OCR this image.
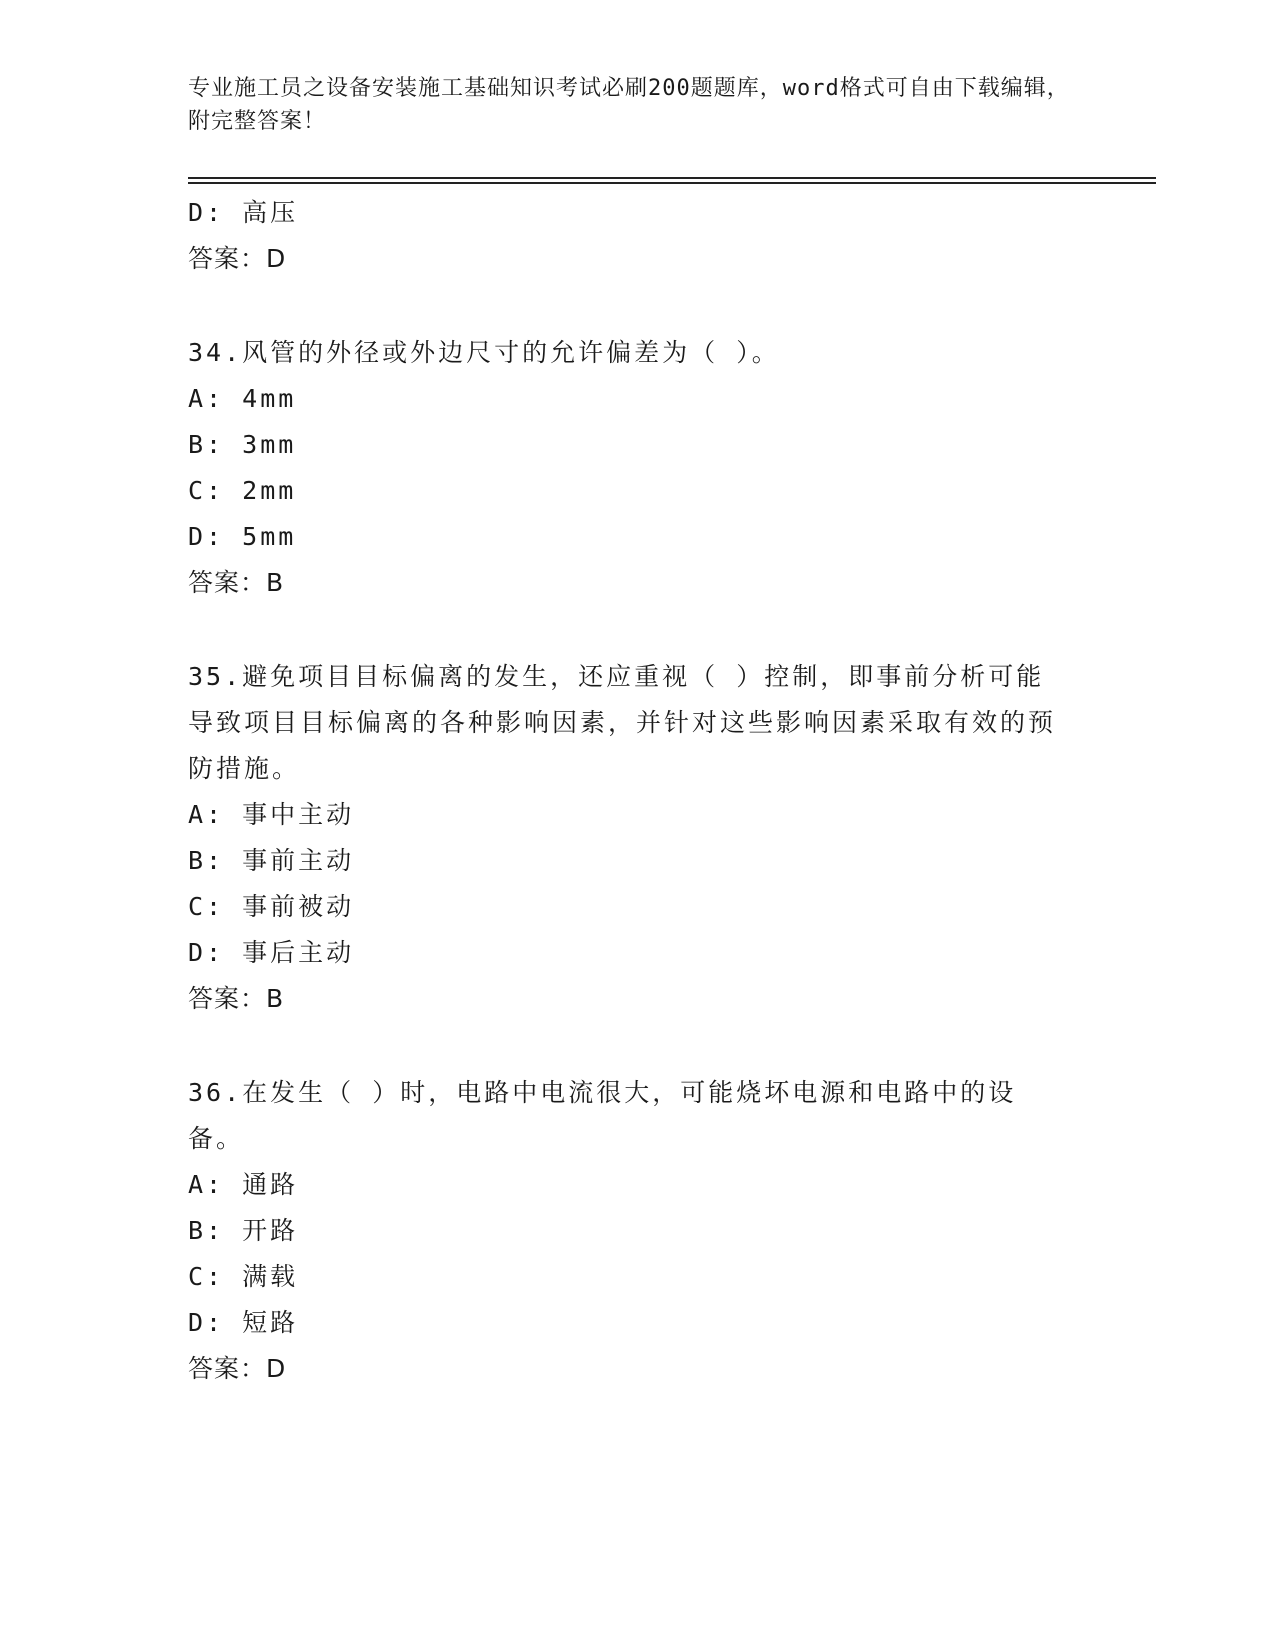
专业施工员之设备安装施工基础知识考试必刷200题题库，word格式可自由下载编辑，附完整答案！
D: 高压
答案：D
34.风管的外径或外边尺寸的允许偏差为（ ）。
A: 4mm
B: 3mm
C: 2mm
D: 5mm
答案：B
35.避免项目目标偏离的发生，还应重视（ ）控制，即事前分析可能导致项目目标偏离的各种影响因素，并针对这些影响因素采取有效的预防措施。
A: 事中主动
B: 事前主动
C: 事前被动
D: 事后主动
答案：B
36.在发生（ ）时，电路中电流很大，可能烧坏电源和电路中的设备。
A: 通路
B: 开路
C: 满载
D: 短路
答案：D
